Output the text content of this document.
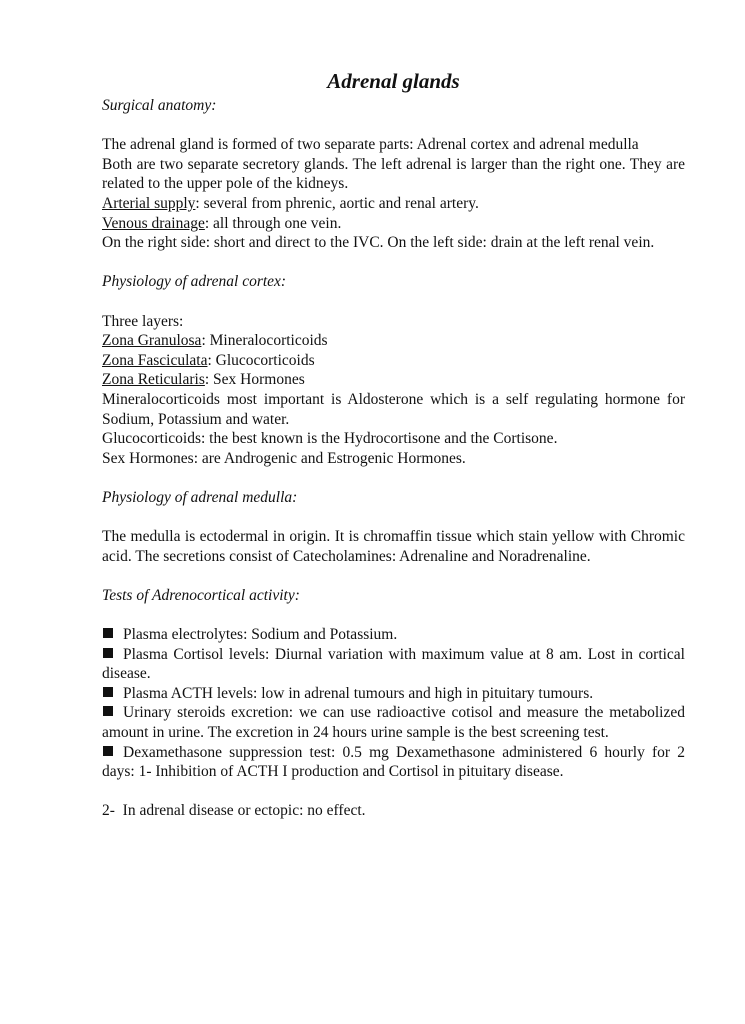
Adrenal glands
Surgical anatomy:

The adrenal gland is formed of two separate parts: Adrenal cortex and adrenal medulla

Both are two separate secretory glands. The left adrenal is larger than the right one. They are related to the upper pole of the kidneys.

Arterial supply: several from phrenic, aortic and renal artery.
Venous drainage: all through one vein.

On the right side: short and direct to the IVC. On the left side: drain at the left renal vein.

Physiology of adrenal cortex:
Three layers:
Zona Granulosa: Mineralocorticoids
Zona Fasciculata: Glucocorticoids
Zona Reticularis: Sex Hormones

Mineralocorticoids most important is Aldosterone which is a self regulating hormone for Sodium, Potassium and water.

Glucocorticoids: the best known is the Hydrocortisone and the Cortisone.

Sex Hormones: are Androgenic and Estrogenic Hormones.

Physiology of adrenal medulla:

The medulla is ectodermal in origin. It is chromaffin tissue which stain yellow with Chromic acid. The secretions consist of Catecholamines: Adrenaline and Noradrenaline.

Tests of Adrenocortical activity:

Plasma electrolytes: Sodium and Potassium.

Plasma Cortisol levels: Diurnal variation with maximum value at 8 am. Lost in cortical disease.

Plasma ACTH levels: low in adrenal tumours and high in pituitary tumours.

Urinary steroids excretion: we can use radioactive cotisol and measure the metabolized amount in urine. The excretion in 24 hours urine sample is the best screening test.

Dexamethasone suppression test: 0.5 mg Dexamethasone administered 6 hourly for 2 days: 1- Inhibition of ACTH I production and Cortisol in pituitary disease.

2-  In adrenal disease or ectopic: no effect.
